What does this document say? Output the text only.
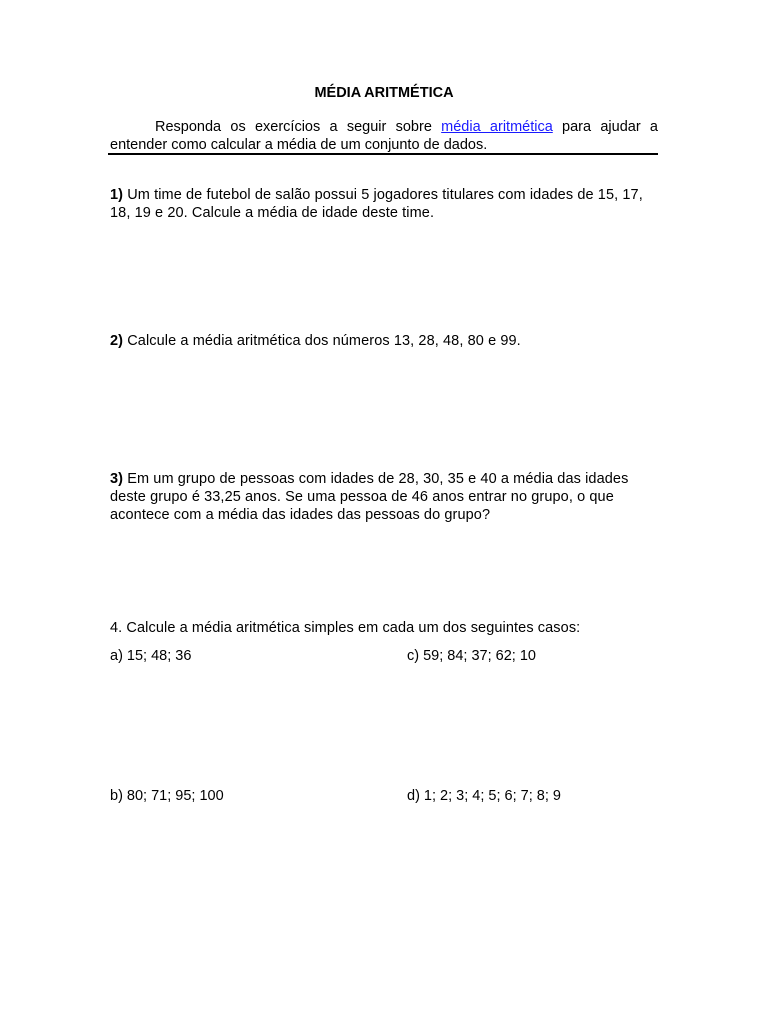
MÉDIA ARITMÉTICA
Responda os exercícios a seguir sobre média aritmética para ajudar a entender como calcular a média de um conjunto de dados.
1) Um time de futebol de salão possui 5 jogadores titulares com idades de 15, 17, 18, 19 e 20. Calcule a média de idade deste time.
2) Calcule a média aritmética dos números 13, 28, 48, 80 e 99.
3) Em um grupo de pessoas com idades de 28, 30, 35 e 40 a média das idades deste grupo é 33,25 anos. Se uma pessoa de 46 anos entrar no grupo, o que acontece com a média das idades das pessoas do grupo?
4. Calcule a média aritmética simples em cada um dos seguintes casos:
a) 15; 48; 36	c) 59; 84; 37; 62; 10
b) 80; 71; 95; 100	d) 1; 2; 3; 4; 5; 6; 7; 8; 9
